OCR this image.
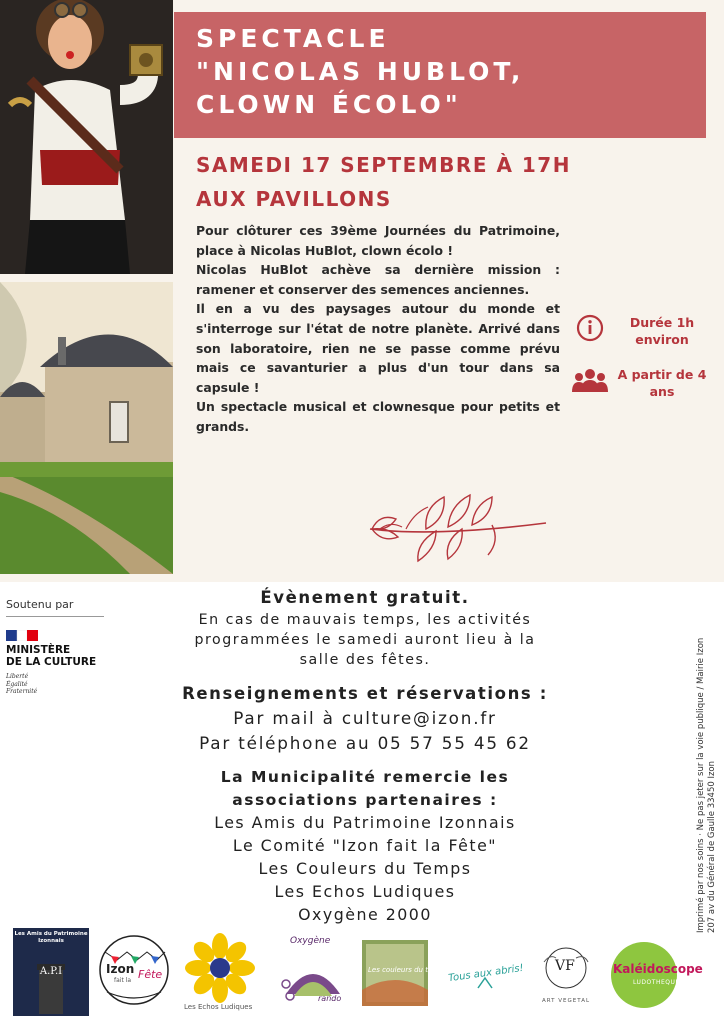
SPECTACLE
"NICOLAS HUBLOT,
CLOWN ÉCOLO"
SAMEDI 17 SEPTEMBRE À 17H
AUX PAVILLONS

Pour clôturer ces 39ème Journées du Patrimoine, place à Nicolas HuBlot, clown écolo !

Nicolas HuBlot achève sa dernière mission : ramener et conserver des semences anciennes.

Il en a vu des paysages autour du monde et s'interroge sur l'état de notre planète. Arrivé dans son laboratoire, rien ne se passe comme prévu mais ce savanturier a plus d'un tour dans sa capsule !

Un spectacle musical et clownesque pour petits et grands.

Durée 1h environ
A partir de 4 ans
Soutenu par
MINISTÈRE
DE LA CULTURE
Liberté
Égalité
Fraternité
Évènement gratuit.
En cas de mauvais temps, les activités
programmées le samedi auront lieu à la
salle des fêtes.
Renseignements et réservations :
Par mail à culture@izon.fr
Par téléphone au 05 57 55 45 62
La Municipalité remercie les
associations partenaires :
Les Amis du Patrimoine Izonnais
Le Comité "Izon fait la Fête"
Les Couleurs du Temps
Les Echos Ludiques
Oxygène 2000	Imprimé par nos soins · Ne pas jeter sur la voie publique / Mairie Izon 207 av du Général de Gaulle 33450 Izon
Les Amis du Patrimoine Izonnais
A.P.I	Izon
fait la Fête
Les Echos Ludiques
Oxygène
rando
Les couleurs du temps Tous aux abris! VF
ART VEGETAL
Kaléidoscope
LUDOTHEQUE
